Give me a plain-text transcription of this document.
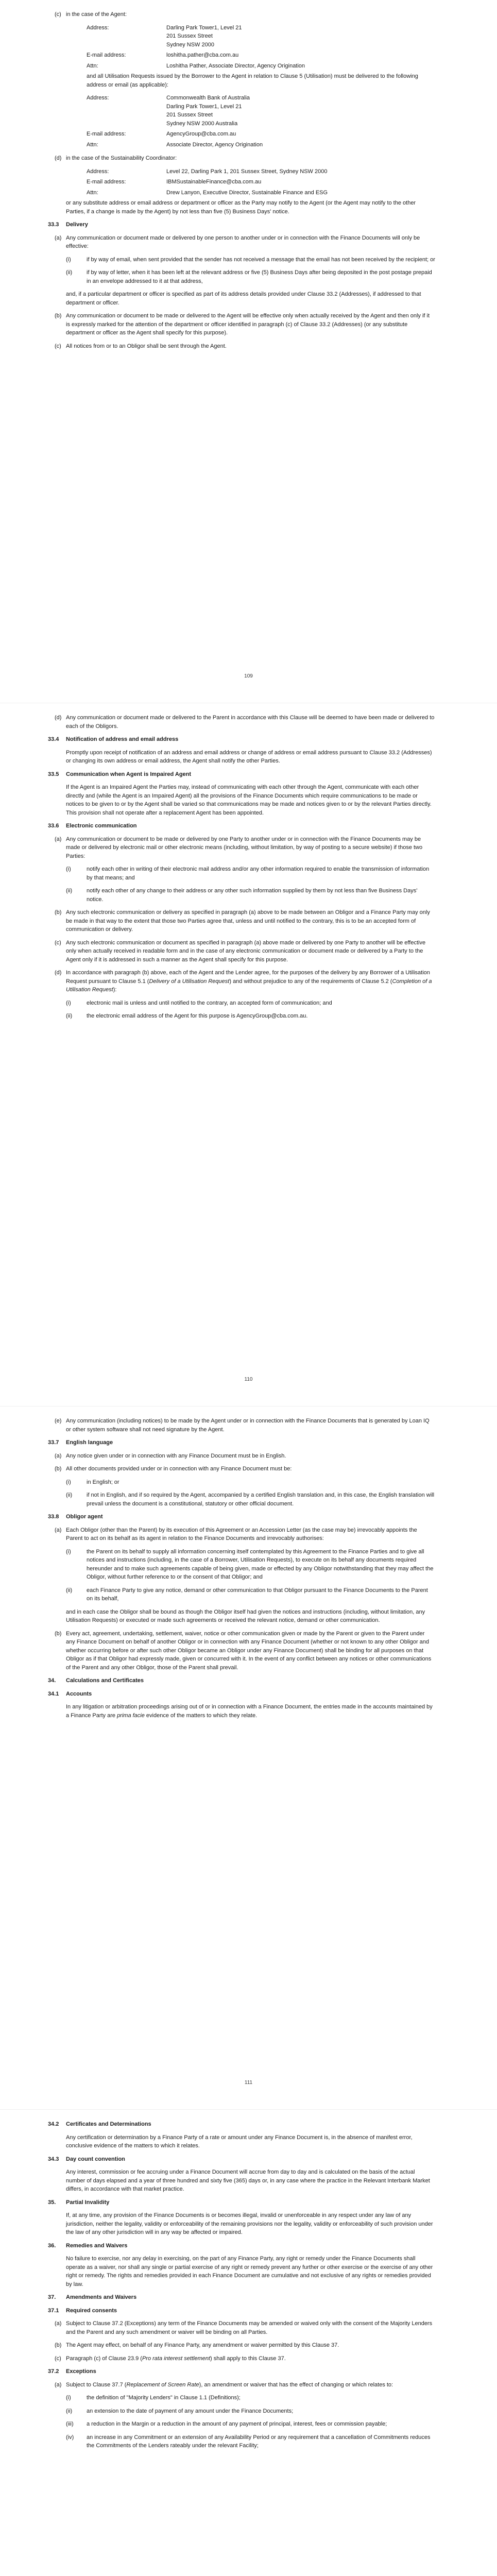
(c) in the case of the Agent:

Address:	Darling Park Tower1, Level 21
201 Sussex Street
Sydney NSW 2000
E-mail address:	loshitha.pather@cba.com.au
Attn:	Loshitha Pather, Associate Director, Agency Origination

and all Utilisation Requests issued by the Borrower to the Agent in relation to Clause 5 (Utilisation) must be delivered to the following address or email (as applicable):

Address:	Commonwealth Bank of Australia
Darling Park Tower1, Level 21
201 Sussex Street
Sydney NSW 2000 Australia
E-mail address:	AgencyGroup@cba.com.au
Attn:	Associate Director, Agency Origination
(d) in the case of the Sustainability Coordinator:

Address:	Level 22, Darling Park 1, 201 Sussex Street, Sydney NSW 2000
E-mail address:	IBMSustainableFinance@cba.com.au
Attn:	Drew Lanyon, Executive Director, Sustainable Finance and ESG

or any substitute address or email address or department or officer as the Party may notify to the Agent (or the Agent may notify to the other Parties, if a change is made by the Agent) by not less than five (5) Business Days' notice.

33.3	Delivery

(a) Any communication or document made or delivered by one person to another under or in connection with the Finance Documents will only be effective:

(i)	if by way of email, when sent provided that the sender has not received a message that the email has not been received by the recipient; or

(ii)	if by way of letter, when it has been left at the relevant address or five (5) Business Days after being deposited in the post postage prepaid in an envelope addressed to it at that address,

and, if a particular department or officer is specified as part of its address details provided under Clause 33.2 (Addresses), if addressed to that department or officer.

(b) Any communication or document to be made or delivered to the Agent will be effective only when actually received by the Agent and then only if it is expressly marked for the attention of the department or officer identified in paragraph (c) of Clause 33.2 (Addresses) (or any substitute department or officer as the Agent shall specify for this purpose).

(c) All notices from or to an Obligor shall be sent through the Agent.

109
(d) Any communication or document made or delivered to the Parent in accordance with this Clause will be deemed to have been made or delivered to each of the Obligors.

33.4	Notification of address and email address

Promptly upon receipt of notification of an address and email address or change of address or email address pursuant to Clause 33.2 (Addresses) or changing its own address or email address, the Agent shall notify the other Parties.

33.5	Communication when Agent is Impaired Agent

If the Agent is an Impaired Agent the Parties may, instead of communicating with each other through the Agent, communicate with each other directly and (while the Agent is an Impaired Agent) all the provisions of the Finance Documents which require communications to be made or notices to be given to or by the Agent shall be varied so that communications may be made and notices given to or by the relevant Parties directly. This provision shall not operate after a replacement Agent has been appointed.

33.6	Electronic communication

(a) Any communication or document to be made or delivered by one Party to another under or in connection with the Finance Documents may be made or delivered by electronic mail or other electronic means (including, without limitation, by way of posting to a secure website) if those two Parties:

(i)	notify each other in writing of their electronic mail address and/or any other information required to enable the transmission of information by that means; and

(ii)	notify each other of any change to their address or any other such information supplied by them by not less than five Business Days' notice.

(b) Any such electronic communication or delivery as specified in paragraph (a) above to be made between an Obligor and a Finance Party may only be made in that way to the extent that those two Parties agree that, unless and until notified to the contrary, this is to be an accepted form of communication or delivery.

(c) Any such electronic communication or document as specified in paragraph (a) above made or delivered by one Party to another will be effective only when actually received in readable form and in the case of any electronic communication or document made or delivered by a Party to the Agent only if it is addressed in such a manner as the Agent shall specify for this purpose.

(d) In accordance with paragraph (b) above, each of the Agent and the Lender agree, for the purposes of the delivery by any Borrower of a Utilisation Request pursuant to Clause 5.1 (Delivery of a Utilisation Request) and without prejudice to any of the requirements of Clause 5.2 (Completion of a Utilisation Request):

(i)	electronic mail is unless and until notified to the contrary, an accepted form of communication; and

(ii)	the electronic email address of the Agent for this purpose is AgencyGroup@cba.com.au.

110
(e) Any communication (including notices) to be made by the Agent under or in connection with the Finance Documents that is generated by Loan IQ or other system software shall not need signature by the Agent.

33.7	English language

(a) Any notice given under or in connection with any Finance Document must be in English.

(b) All other documents provided under or in connection with any Finance Document must be:

(i)	in English; or

(ii)	if not in English, and if so required by the Agent, accompanied by a certified English translation and, in this case, the English translation will prevail unless the document is a constitutional, statutory or other official document.

33.8	Obligor agent

(a) Each Obligor (other than the Parent) by its execution of this Agreement or an Accession Letter (as the case may be) irrevocably appoints the Parent to act on its behalf as its agent in relation to the Finance Documents and irrevocably authorises:

(i)	the Parent on its behalf to supply all information concerning itself contemplated by this Agreement to the Finance Parties and to give all notices and instructions (including, in the case of a Borrower, Utilisation Requests), to execute on its behalf any documents required hereunder and to make such agreements capable of being given, made or effected by any Obligor notwithstanding that they may affect the Obligor, without further reference to or the consent of that Obligor; and

(ii)	each Finance Party to give any notice, demand or other communication to that Obligor pursuant to the Finance Documents to the Parent on its behalf,

and in each case the Obligor shall be bound as though the Obligor itself had given the notices and instructions (including, without limitation, any Utilisation Requests) or executed or made such agreements or received the relevant notice, demand or other communication.

(b) Every act, agreement, undertaking, settlement, waiver, notice or other communication given or made by the Parent or given to the Parent under any Finance Document on behalf of another Obligor or in connection with any Finance Document (whether or not known to any other Obligor and whether occurring before or after such other Obligor became an Obligor under any Finance Document) shall be binding for all purposes on that Obligor as if that Obligor had expressly made, given or concurred with it. In the event of any conflict between any notices or other communications of the Parent and any other Obligor, those of the Parent shall prevail.

34.	Calculations and Certificates

34.1	Accounts

In any litigation or arbitration proceedings arising out of or in connection with a Finance Document, the entries made in the accounts maintained by a Finance Party are prima facie evidence of the matters to which they relate.

111
34.2	Certificates and Determinations

Any certification or determination by a Finance Party of a rate or amount under any Finance Document is, in the absence of manifest error, conclusive evidence of the matters to which it relates.

34.3	Day count convention

Any interest, commission or fee accruing under a Finance Document will accrue from day to day and is calculated on the basis of the actual number of days elapsed and a year of three hundred and sixty five (365) days or, in any case where the practice in the Relevant Interbank Market differs, in accordance with that market practice.

35.	Partial Invalidity

If, at any time, any provision of the Finance Documents is or becomes illegal, invalid or unenforceable in any respect under any law of any jurisdiction, neither the legality, validity or enforceability of the remaining provisions nor the legality, validity or enforceability of such provision under the law of any other jurisdiction will in any way be affected or impaired.

36.	Remedies and Waivers

No failure to exercise, nor any delay in exercising, on the part of any Finance Party, any right or remedy under the Finance Documents shall operate as a waiver, nor shall any single or partial exercise of any right or remedy prevent any further or other exercise or the exercise of any other right or remedy. The rights and remedies provided in each Finance Document are cumulative and not exclusive of any rights or remedies provided by law.

37.	Amendments and Waivers

37.1	Required consents

(a) Subject to Clause 37.2 (Exceptions) any term of the Finance Documents may be amended or waived only with the consent of the Majority Lenders and the Parent and any such amendment or waiver will be binding on all Parties.

(b) The Agent may effect, on behalf of any Finance Party, any amendment or waiver permitted by this Clause 37.

(c) Paragraph (c) of Clause 23.9 (Pro rata interest settlement) shall apply to this Clause 37.

37.2	Exceptions

(a) Subject to Clause 37.7 (Replacement of Screen Rate), an amendment or waiver that has the effect of changing or which relates to:

(i)	the definition of "Majority Lenders" in Clause 1.1 (Definitions);

(ii)	an extension to the date of payment of any amount under the Finance Documents;

(iii) a reduction in the Margin or a reduction in the amount of any payment of principal, interest, fees or commission payable;

(iv) an increase in any Commitment or an extension of any Availability Period or any requirement that a cancellation of Commitments reduces the Commitments of the Lenders rateably under the relevant Facility;
